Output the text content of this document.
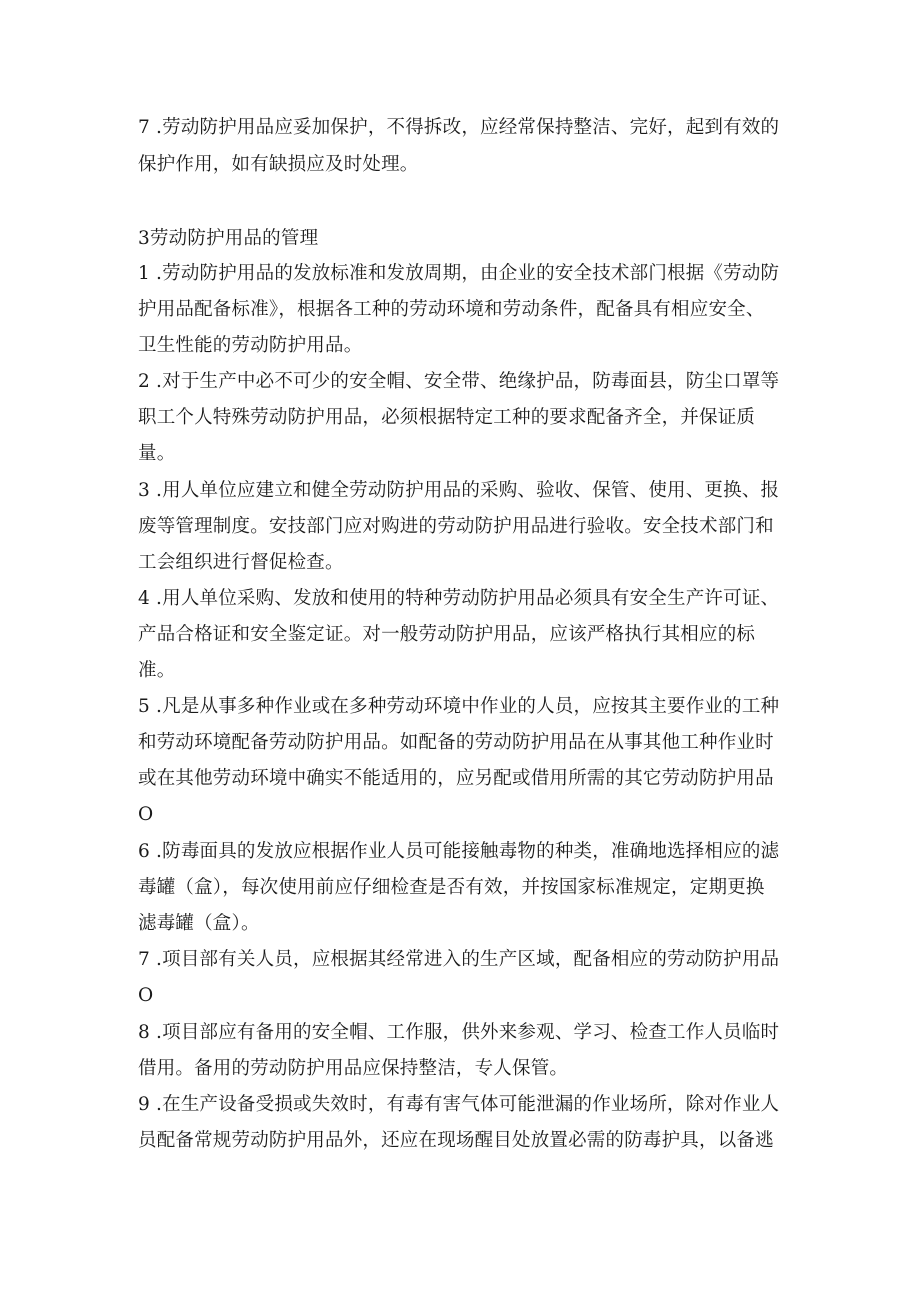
7 .劳动防护用品应妥加保护，不得拆改，应经常保持整洁、完好，起到有效的
保护作用，如有缺损应及时处理。
3劳动防护用品的管理
1 .劳动防护用品的发放标准和发放周期，由企业的安全技术部门根据《劳动防
护用品配备标准》，根据各工种的劳动环境和劳动条件，配备具有相应安全、
卫生性能的劳动防护用品。
2 .对于生产中必不可少的安全帽、安全带、绝缘护品，防毒面县，防尘口罩等
职工个人特殊劳动防护用品，必须根据特定工种的要求配备齐全，并保证质
量。
3 .用人单位应建立和健全劳动防护用品的采购、验收、保管、使用、更换、报
废等管理制度。安技部门应对购进的劳动防护用品进行验收。安全技术部门和
工会组织进行督促检查。
4 .用人单位采购、发放和使用的特种劳动防护用品必须具有安全生产许可证、
产品合格证和安全鉴定证。对一般劳动防护用品，应该严格执行其相应的标
准。
5 .凡是从事多种作业或在多种劳动环境中作业的人员，应按其主要作业的工种
和劳动环境配备劳动防护用品。如配备的劳动防护用品在从事其他工种作业时
或在其他劳动环境中确实不能适用的，应另配或借用所需的其它劳动防护用品
O
6 .防毒面具的发放应根据作业人员可能接触毒物的种类，准确地选择相应的滤
毒罐（盒），每次使用前应仔细检查是否有效，并按国家标准规定，定期更换
滤毒罐（盒）。
7 .项目部有关人员，应根据其经常进入的生产区域，配备相应的劳动防护用品
O
8 .项目部应有备用的安全帽、工作服，供外来参观、学习、检查工作人员临时
借用。备用的劳动防护用品应保持整洁，专人保管。
9 .在生产设备受损或失效时，有毒有害气体可能泄漏的作业场所，除对作业人
员配备常规劳动防护用品外，还应在现场醒目处放置必需的防毒护具，以备逃
